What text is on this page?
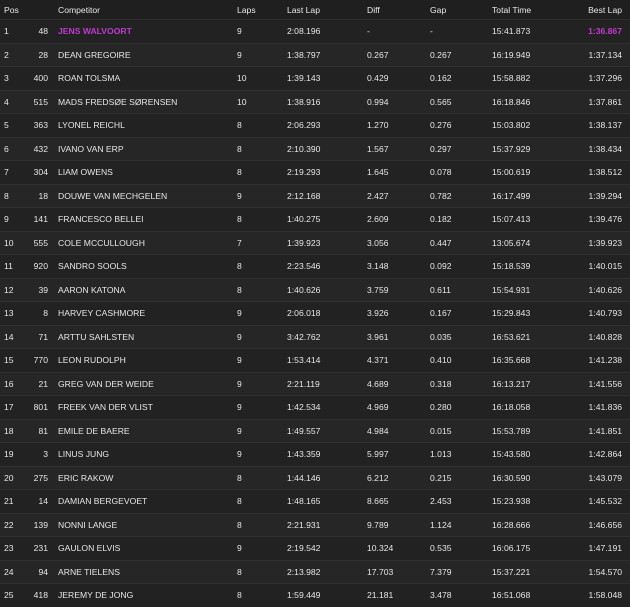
Pos		Competitor	Laps	Last Lap	Diff	Gap	Total Time	Best Lap
1	48	JENS WALVOORT	9	2:08.196	-	-	15:41.873	1:36.867
2	28	DEAN GREGOIRE	9	1:38.797	0.267	0.267	16:19.949	1:37.134
3	400	ROAN TOLSMA	10	1:39.143	0.429	0.162	15:58.882	1:37.296
4	515	MADS FREDSØE SØRENSEN	10	1:38.916	0.994	0.565	16:18.846	1:37.861
5	363	LYONEL REICHL	8	2:06.293	1.270	0.276	15:03.802	1:38.137
6	432	IVANO VAN ERP	8	2:10.390	1.567	0.297	15:37.929	1:38.434
7	304	LIAM OWENS	8	2:19.293	1.645	0.078	15:00.619	1:38.512
8	18	DOUWE VAN MECHGELEN	9	2:12.168	2.427	0.782	16:17.499	1:39.294
9	141	FRANCESCO BELLEI	8	1:40.275	2.609	0.182	15:07.413	1:39.476
10	555	COLE MCCULLOUGH	7	1:39.923	3.056	0.447	13:05.674	1:39.923
11	920	SANDRO SOOLS	8	2:23.546	3.148	0.092	15:18.539	1:40.015
12	39	AARON KATONA	8	1:40.626	3.759	0.611	15:54.931	1:40.626
13	8	HARVEY CASHMORE	9	2:06.018	3.926	0.167	15:29.843	1:40.793
14	71	ARTTU SAHLSTEN	9	3:42.762	3.961	0.035	16:53.621	1:40.828
15	770	LEON RUDOLPH	9	1:53.414	4.371	0.410	16:35.668	1:41.238
16	21	GREG VAN DER WEIDE	9	2:21.119	4.689	0.318	16:13.217	1:41.556
17	801	FREEK VAN DER VLIST	9	1:42.534	4.969	0.280	16:18.058	1:41.836
18	81	EMILE DE BAERE	9	1:49.557	4.984	0.015	15:53.789	1:41.851
19	3	LINUS JUNG	9	1:43.359	5.997	1.013	15:43.580	1:42.864
20	275	ERIC RAKOW	8	1:44.146	6.212	0.215	16:30.590	1:43.079
21	14	DAMIAN BERGEVOET	8	1:48.165	8.665	2.453	15:23.938	1:45.532
22	139	NONNI LANGE	8	2:21.931	9.789	1.124	16:28.666	1:46.656
23	231	GAULON ELVIS	9	2:19.542	10.324	0.535	16:06.175	1:47.191
24	94	ARNE TIELENS	8	2:13.982	17.703	7.379	15:37.221	1:54.570
25	418	JEREMY DE JONG	8	1:59.449	21.181	3.478	16:51.068	1:58.048
